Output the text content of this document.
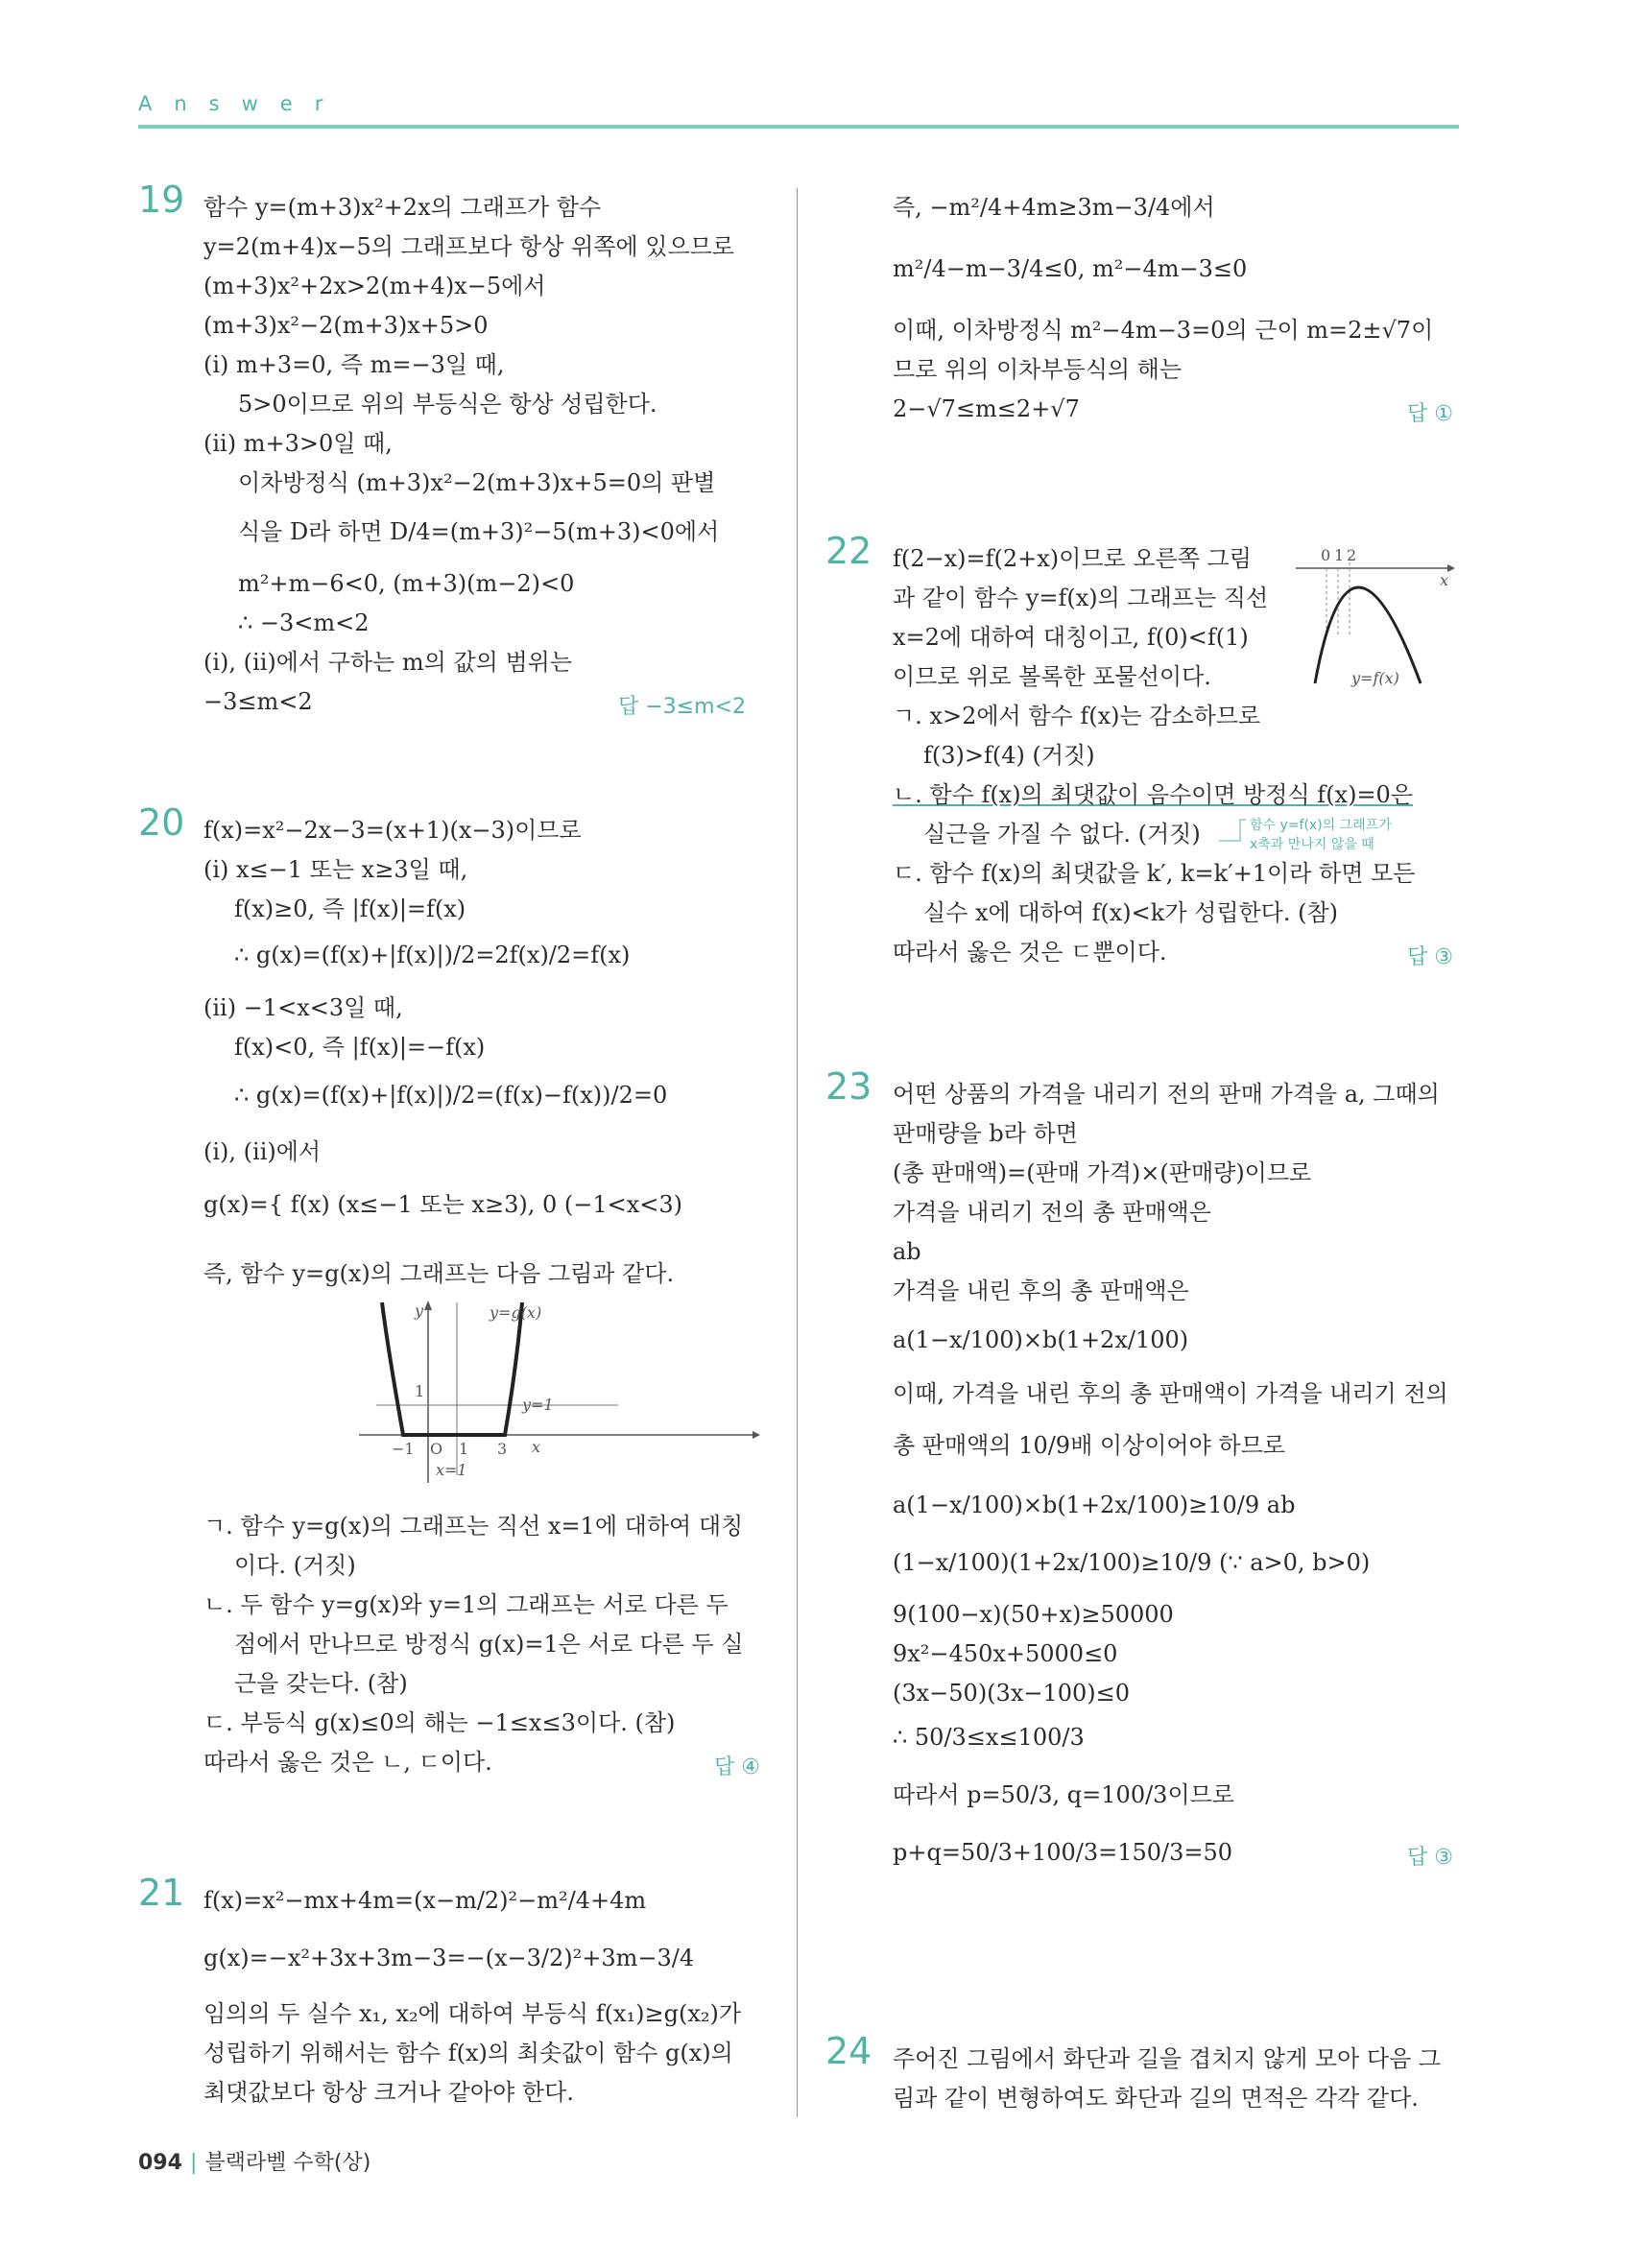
Answer
19 함수 y=(m+3)x²+2x의 그래프가 함수
y=2(m+4)x−5의 그래프보다 항상 위쪽에 있으므로
(m+3)x²+2x>2(m+4)x−5에서
(m+3)x²−2(m+3)x+5>0
(i) m+3=0, 즉 m=−3일 때,
5>0이므로 위의 부등식은 항상 성립한다.
(ii) m+3>0일 때,
이차방정식 (m+3)x²−2(m+3)x+5=0의 판별
식을 D라 하면 D/4=(m+3)²−5(m+3)<0에서
m²+m−6<0, (m+3)(m−2)<0
∴ −3<m<2
(i), (ii)에서 구하는 m의 값의 범위는
−3≤m<2	답 −3≤m<2
20 f(x)=x²−2x−3=(x+1)(x−3)이므로
(i) x≤−1 또는 x≥3일 때,
f(x)≥0, 즉 |f(x)|=f(x)
∴ g(x)=(f(x)+|f(x)|)/2=2f(x)/2=f(x)
(ii) −1<x<3일 때,
f(x)<0, 즉 |f(x)|=−f(x)
∴ g(x)=(f(x)+|f(x)|)/2=(f(x)−f(x))/2=0
(i), (ii)에서
g(x)={ f(x) (x≤−1 또는 x≥3), 0 (−1<x<3)
즉, 함수 y=g(x)의 그래프는 다음 그림과 같다.
y	y=g(x)
y=1
1
−1 O 1 3 x
x=1
ㄱ. 함수 y=g(x)의 그래프는 직선 x=1에 대하여 대칭
이다. (거짓)
ㄴ. 두 함수 y=g(x)와 y=1의 그래프는 서로 다른 두
점에서 만나므로 방정식 g(x)=1은 서로 다른 두 실
근을 갖는다. (참)
ㄷ. 부등식 g(x)≤0의 해는 −1≤x≤3이다. (참)
따라서 옳은 것은 ㄴ, ㄷ이다.	답 ④
21 f(x)=x²−mx+4m=(x−m/2)²−m²/4+4m
g(x)=−x²+3x+3m−3=−(x−3/2)²+3m−3/4
임의의 두 실수 x₁, x₂에 대하여 부등식 f(x₁)≥g(x₂)가
성립하기 위해서는 함수 f(x)의 최솟값이 함수 g(x)의
최댓값보다 항상 크거나 같아야 한다.
즉, −m²/4+4m≥3m−3/4에서
m²/4−m−3/4≤0, m²−4m−3≤0
이때, 이차방정식 m²−4m−3=0의 근이 m=2±√7이
므로 위의 이차부등식의 해는
2−√7≤m≤2+√7	답 ①
22 f(2−x)=f(2+x)이므로 오른쪽 그림
과 같이 함수 y=f(x)의 그래프는 직선
x=2에 대하여 대칭이고, f(0)<f(1)
이므로 위로 볼록한 포물선이다.
0 1 2
x
y=f(x)
ㄱ. x>2에서 함수 f(x)는 감소하므로
f(3)>f(4) (거짓)
ㄴ. 함수 f(x)의 최댓값이 음수이면 방정식 f(x)=0은
실근을 가질 수 없다. (거짓)	함수 y=f(x)의 그래프가
x축과 만나지 않을 때
ㄷ. 함수 f(x)의 최댓값을 k′, k=k′+1이라 하면 모든
실수 x에 대하여 f(x)<k가 성립한다. (참)
따라서 옳은 것은 ㄷ뿐이다.	답 ③
23 어떤 상품의 가격을 내리기 전의 판매 가격을 a, 그때의
판매량을 b라 하면
(총 판매액)=(판매 가격)×(판매량)이므로
가격을 내리기 전의 총 판매액은
ab
가격을 내린 후의 총 판매액은
a(1−x/100)×b(1+2x/100)
이때, 가격을 내린 후의 총 판매액이 가격을 내리기 전의
총 판매액의 10/9배 이상이어야 하므로
a(1−x/100)×b(1+2x/100)≥10/9 ab
(1−x/100)(1+2x/100)≥10/9 (∵ a>0, b>0)
9(100−x)(50+x)≥50000
9x²−450x+5000≤0
(3x−50)(3x−100)≤0
∴ 50/3≤x≤100/3
따라서 p=50/3, q=100/3이므로
p+q=50/3+100/3=150/3=50	답 ③
24 주어진 그림에서 화단과 길을 겹치지 않게 모아 다음 그
림과 같이 변형하여도 화단과 길의 면적은 각각 같다.
094 | 블랙라벨 수학(상)
